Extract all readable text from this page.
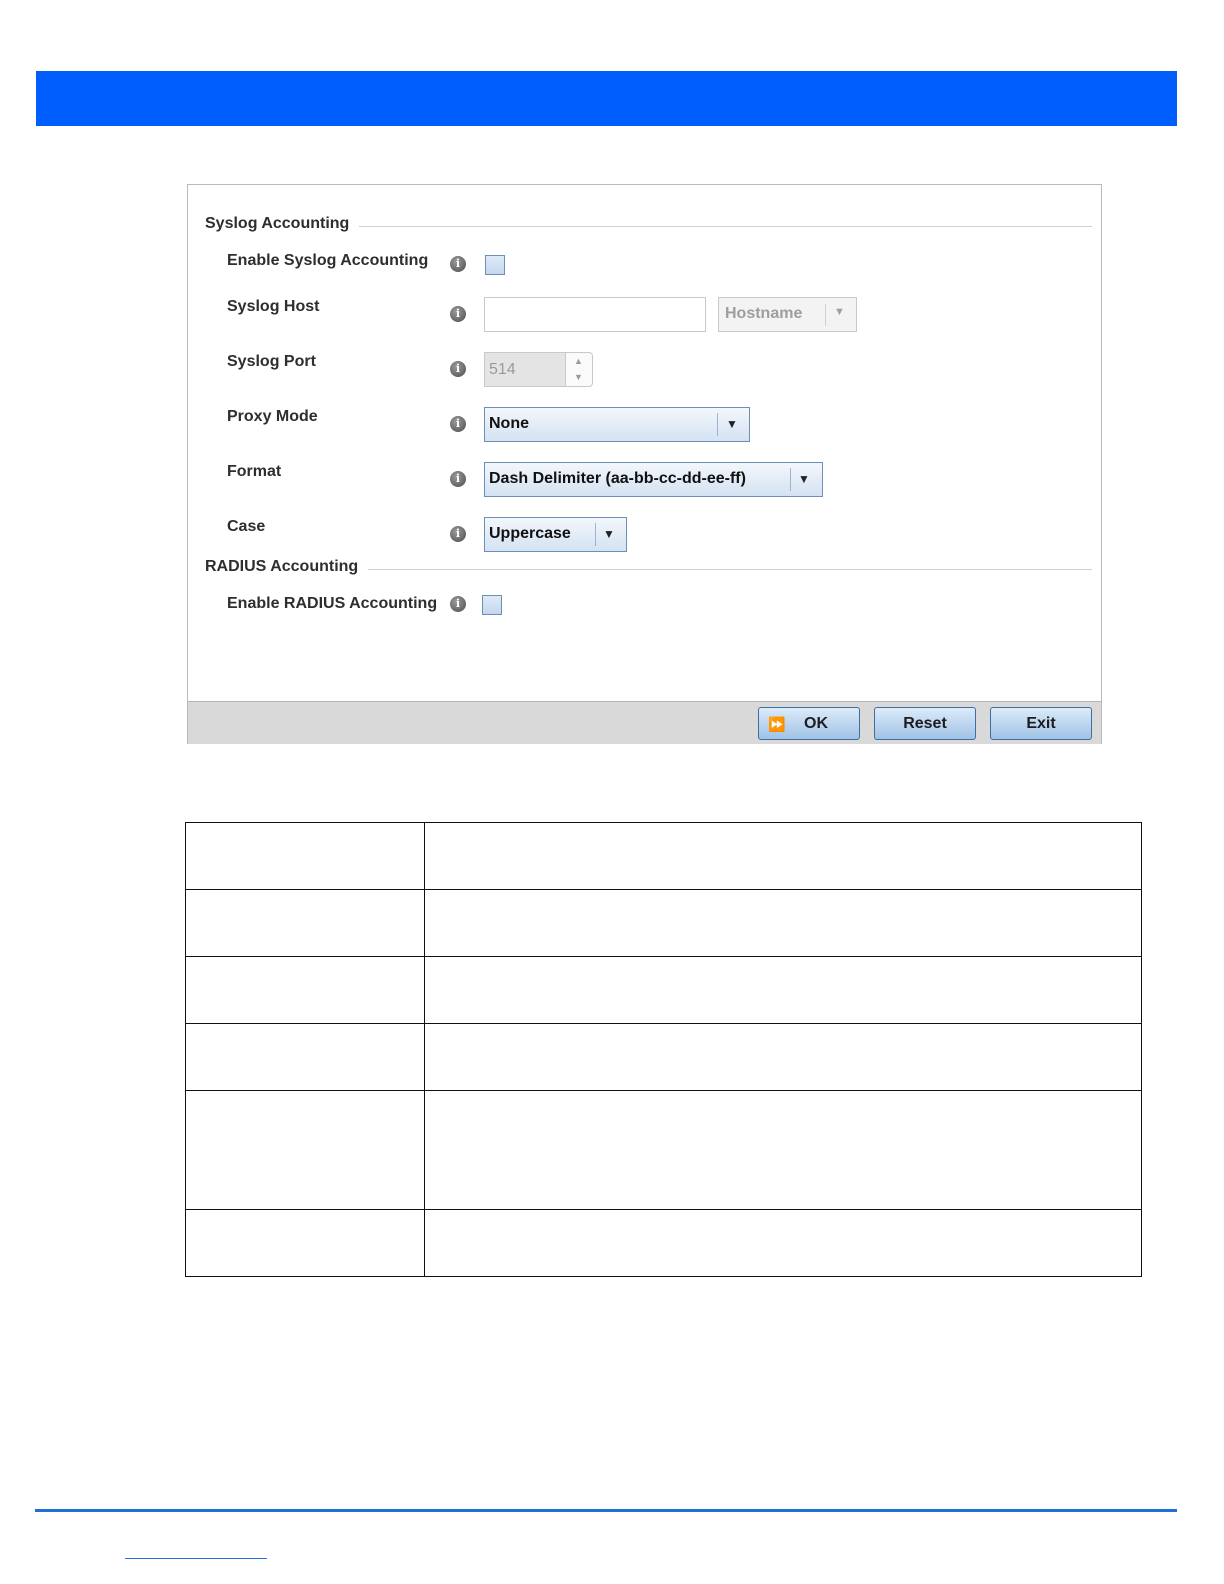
Syslog Accounting
Enable Syslog Accounting	i
Syslog Host	i	Hostname	▼
Syslog Port	i	514	▲
▼
Proxy Mode	i	None	▼
Format	i	Dash Delimiter (aa-bb-cc-dd-ee-ff)	▼
Case	i	Uppercase	▼
RADIUS Accounting
Enable RADIUS Accounting	i
⏩ OK	Reset	Exit
